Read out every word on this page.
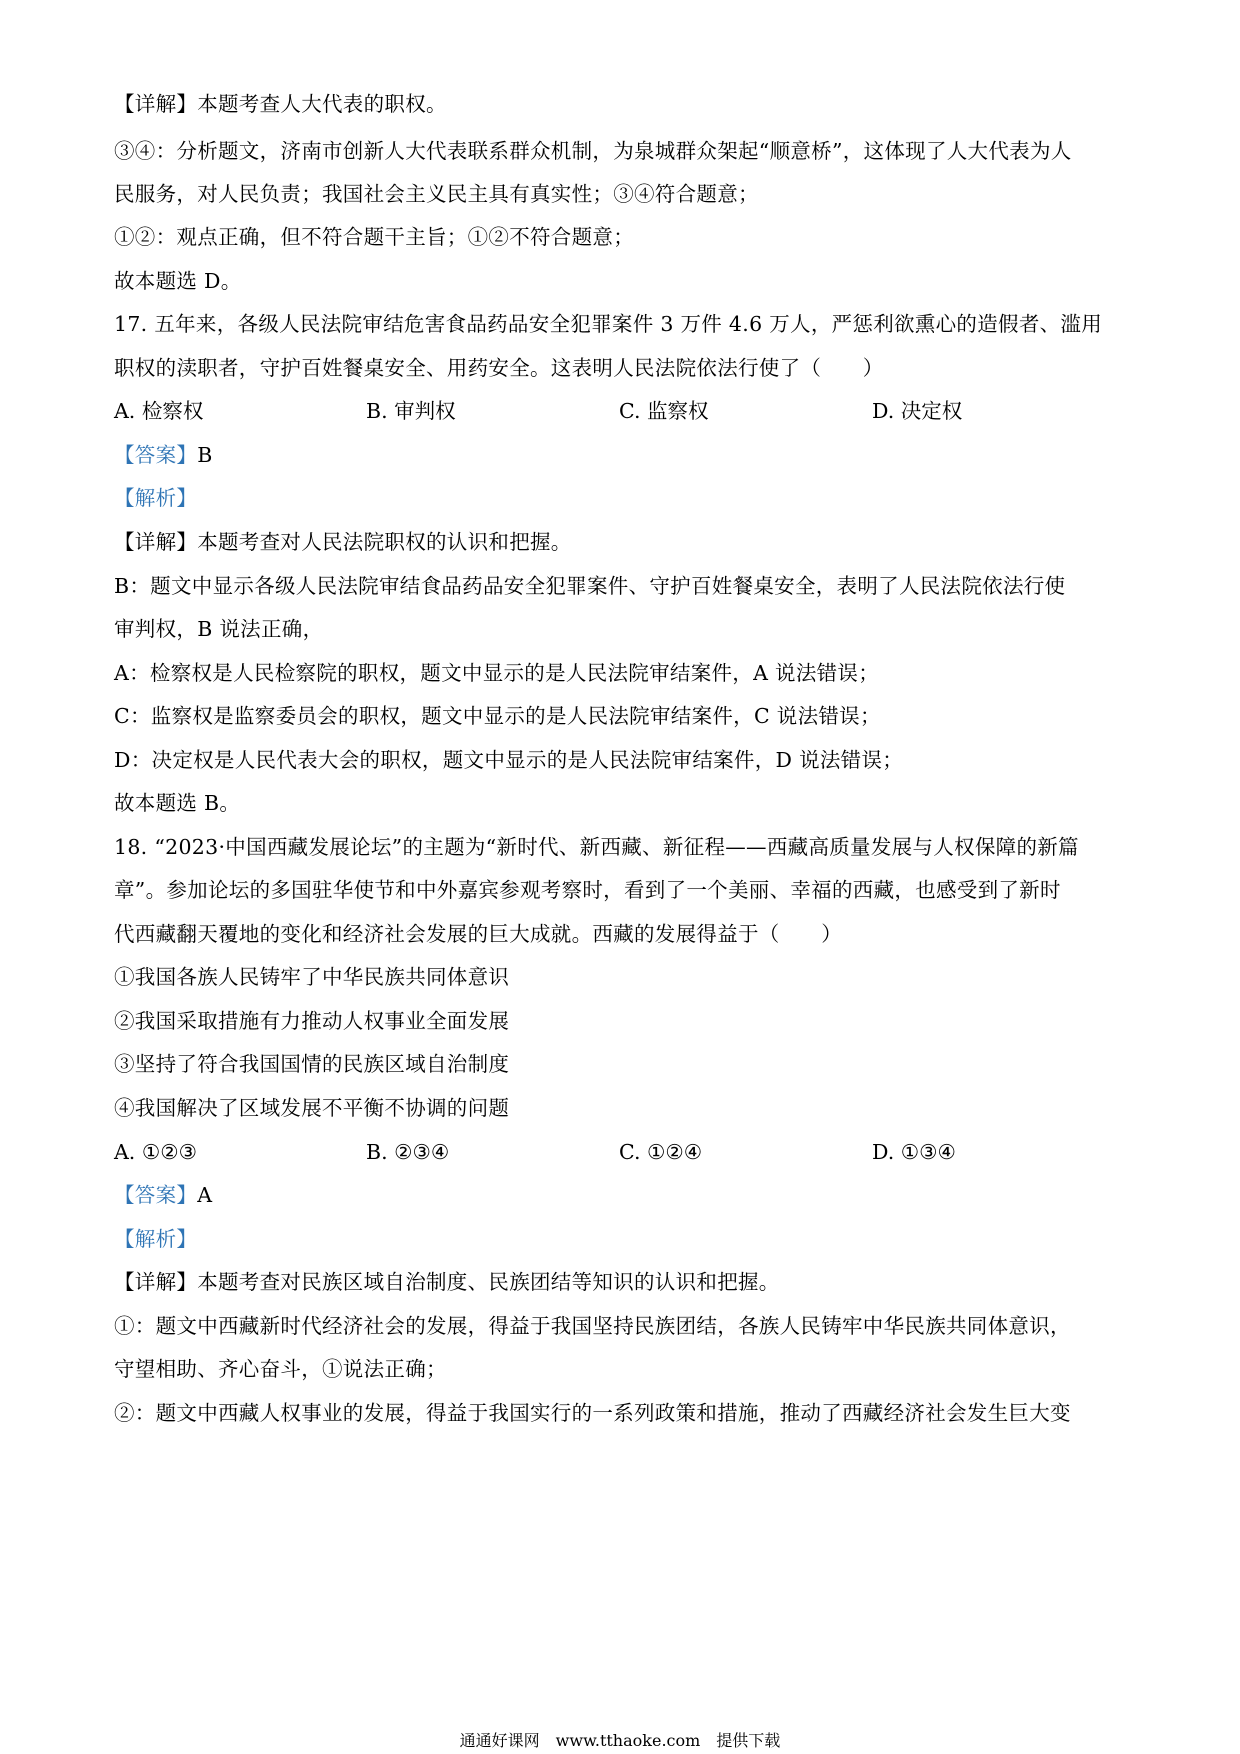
【详解】本题考查人大代表的职权。
③④：分析题文，济南市创新人大代表联系群众机制，为泉城群众架起“顺意桥”，这体现了人大代表为人
民服务，对人民负责；我国社会主义民主具有真实性；③④符合题意；
①②：观点正确，但不符合题干主旨；①②不符合题意；
故本题选 D。
17. 五年来，各级人民法院审结危害食品药品安全犯罪案件 3 万件 4.6 万人，严惩利欲熏心的造假者、滥用
职权的渎职者，守护百姓餐桌安全、用药安全。这表明人民法院依法行使了（　　）
A. 检察权	B. 审判权	C. 监察权	D. 决定权
【答案】B
【解析】
【详解】本题考查对人民法院职权的认识和把握。
B：题文中显示各级人民法院审结食品药品安全犯罪案件、守护百姓餐桌安全，表明了人民法院依法行使
审判权，B 说法正确，
A：检察权是人民检察院的职权，题文中显示的是人民法院审结案件，A 说法错误；
C：监察权是监察委员会的职权，题文中显示的是人民法院审结案件，C 说法错误；
D：决定权是人民代表大会的职权，题文中显示的是人民法院审结案件，D 说法错误；
故本题选 B。
18. “2023·中国西藏发展论坛”的主题为“新时代、新西藏、新征程——西藏高质量发展与人权保障的新篇
章”。参加论坛的多国驻华使节和中外嘉宾参观考察时，看到了一个美丽、幸福的西藏，也感受到了新时
代西藏翻天覆地的变化和经济社会发展的巨大成就。西藏的发展得益于（　　）
①我国各族人民铸牢了中华民族共同体意识
②我国采取措施有力推动人权事业全面发展
③坚持了符合我国国情的民族区域自治制度
④我国解决了区域发展不平衡不协调的问题
A. ①②③	B. ②③④	C. ①②④	D. ①③④
【答案】A
【解析】
【详解】本题考查对民族区域自治制度、民族团结等知识的认识和把握。
①：题文中西藏新时代经济社会的发展，得益于我国坚持民族团结，各族人民铸牢中华民族共同体意识，
守望相助、齐心奋斗，①说法正确；
②：题文中西藏人权事业的发展，得益于我国实行的一系列政策和措施，推动了西藏经济社会发生巨大变
通通好课网　www.tthaoke.com　提供下载
